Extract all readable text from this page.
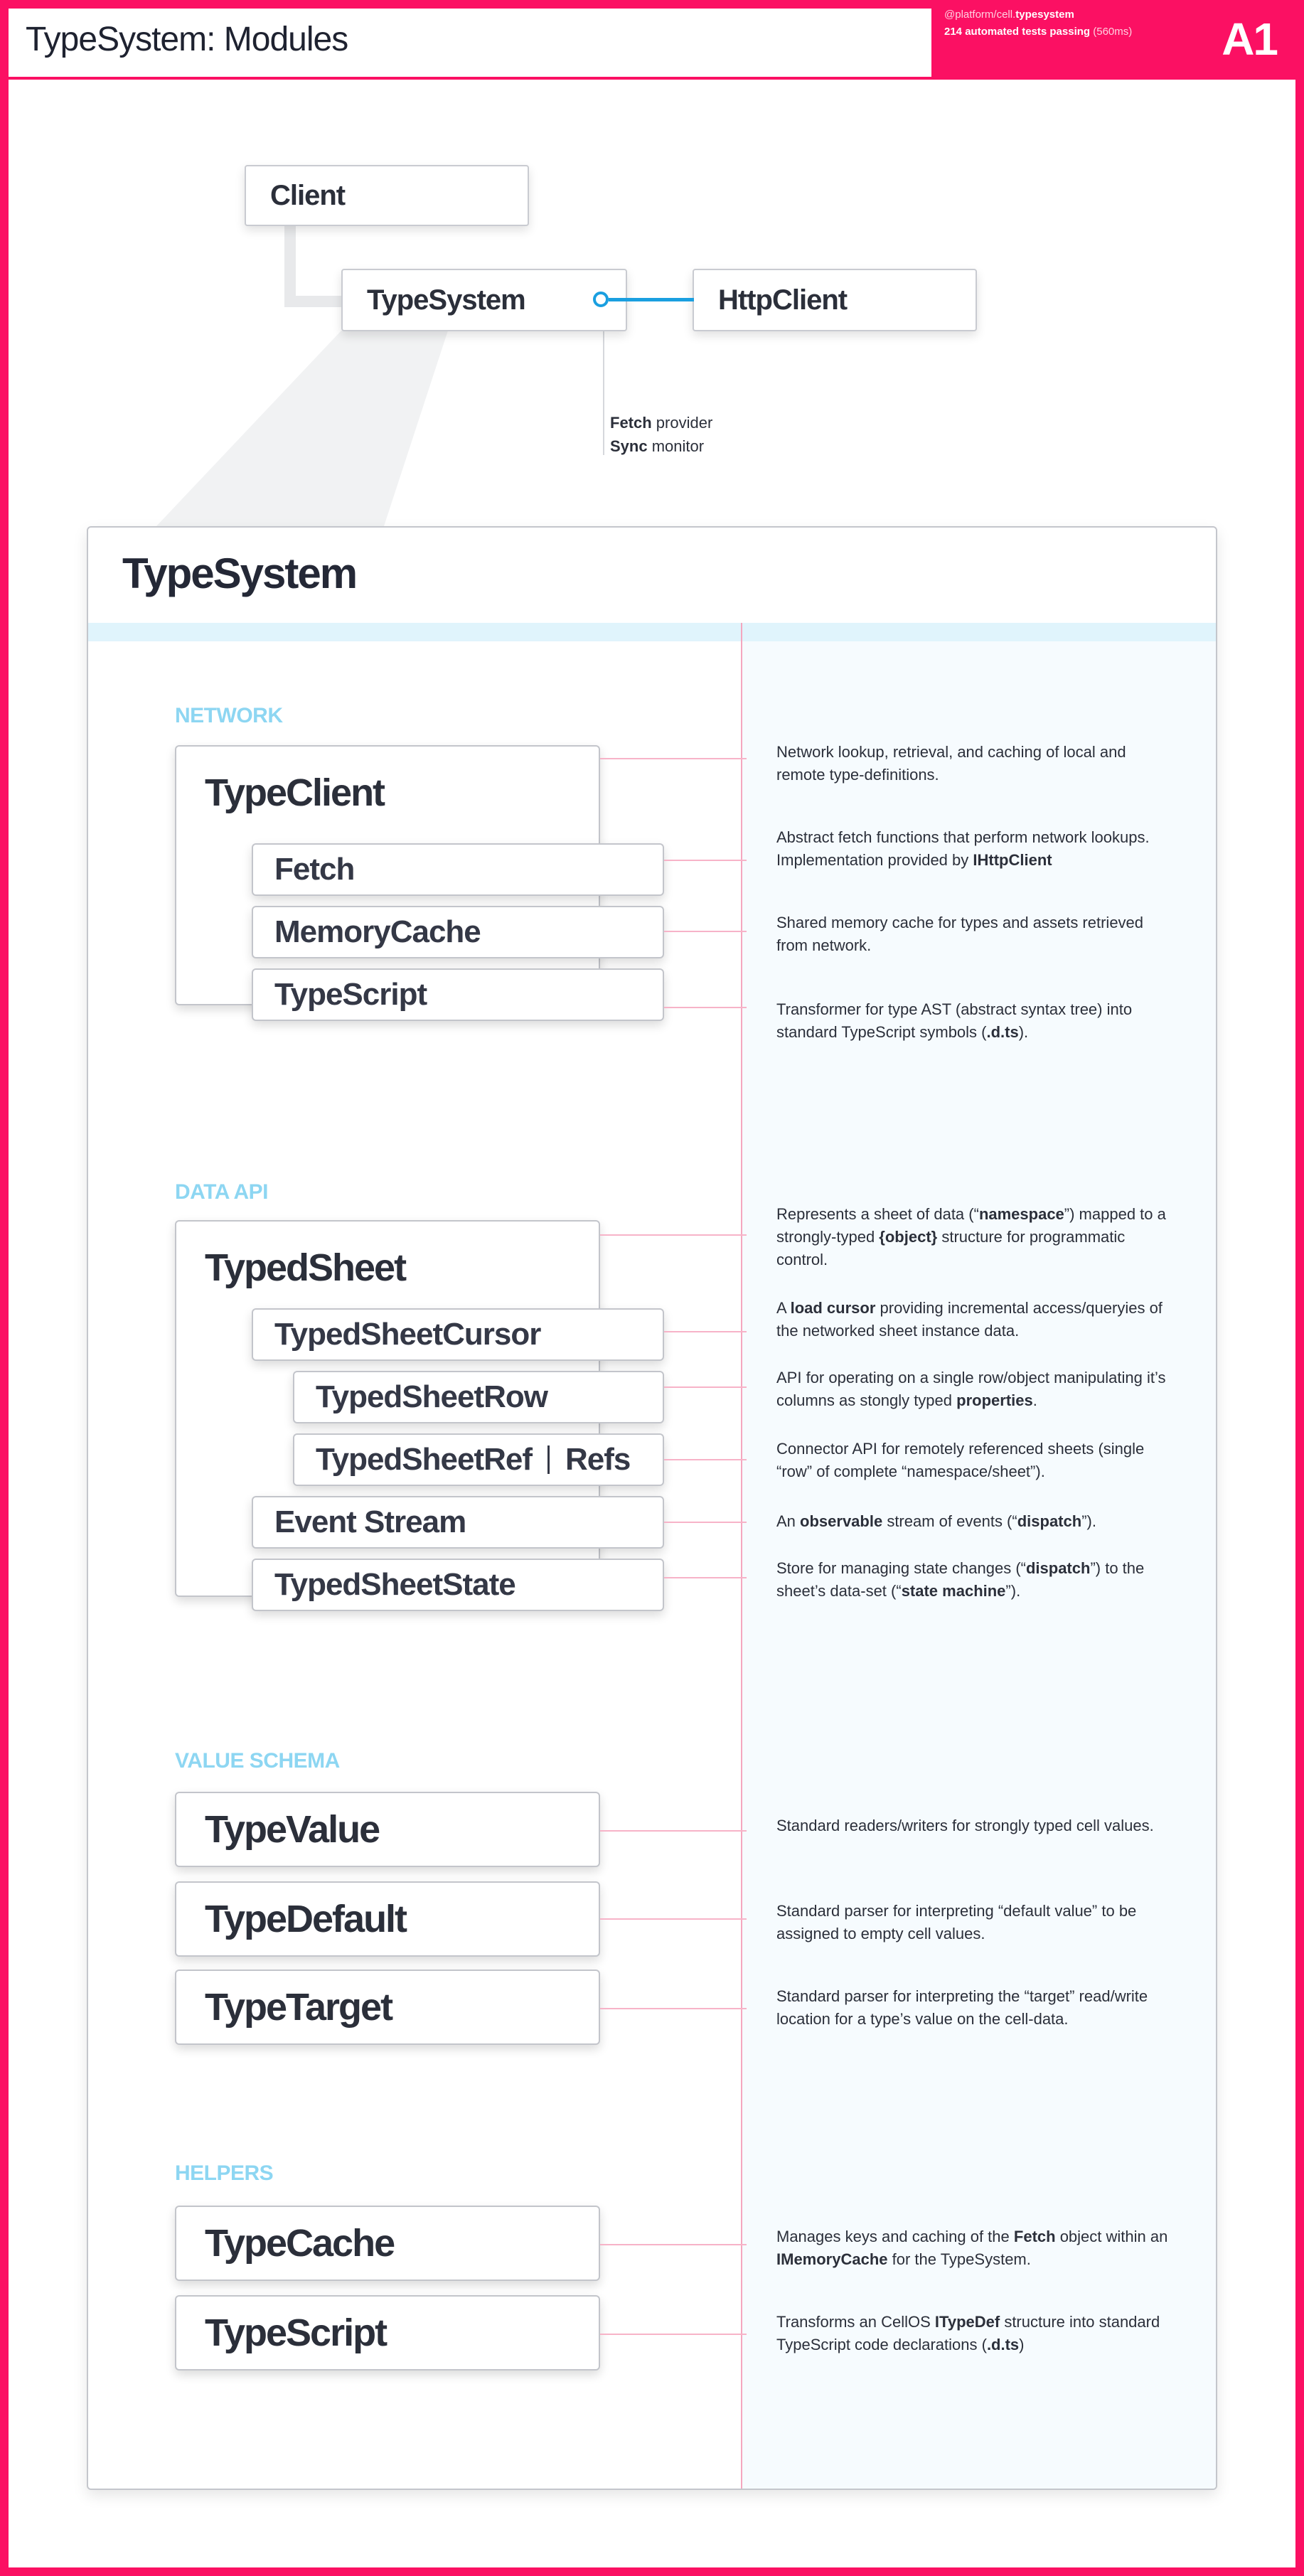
TypeSystem: Modules
@platform/cell.typesystem
214 automated tests passing (560ms) A1
Client
TypeSystem	HttpClient
Fetch provider
Sync monitor
TypeSystem
NETWORK
TypeClient
Fetch
MemoryCache
TypeScript
Network lookup, retrieval, and caching of local and remote type-definitions.
Abstract fetch functions that perform network lookups. Implementation provided by IHttpClient
Shared memory cache for types and assets retrieved from network.
Transformer for type AST (abstract syntax tree) into standard TypeScript symbols (.d.ts).
DATA API
TypedSheet
TypedSheetCursor
TypedSheetRow
TypedSheetRef Refs
Event Stream
TypedSheetState
Represents a sheet of data (“namespace”) mapped to a strongly-typed {object} structure for programmatic control.
A load cursor providing incremental access/queryies of the networked sheet instance data.
API for operating on a single row/object manipulating it’s columns as stongly typed properties.
Connector API for remotely referenced sheets (single “row” of complete “namespace/sheet”).
An observable stream of events (“dispatch”).
Store for managing state changes (“dispatch”) to the sheet’s data-set (“state machine”).
VALUE SCHEMA
TypeValue
TypeDefault
TypeTarget
Standard readers/writers for strongly typed cell values.
Standard parser for interpreting “default value” to be assigned to empty cell values.
Standard parser for interpreting the “target” read/write location for a type’s value on the cell-data.
HELPERS
TypeCache
TypeScript
Manages keys and caching of the Fetch object within an IMemoryCache for the TypeSystem.
Transforms an CellOS ITypeDef structure into standard TypeScript code declarations (.d.ts)
